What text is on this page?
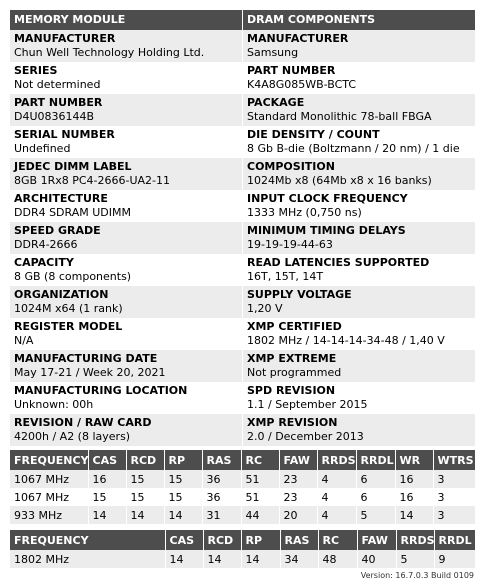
MEMORY MODULE
MANUFACTURER
Chun Well Technology Holding Ltd.
SERIES
Not determined
PART NUMBER
D4U0836144B
SERIAL NUMBER
Undefined
JEDEC DIMM LABEL
8GB 1Rx8 PC4-2666-UA2-11
ARCHITECTURE
DDR4 SDRAM UDIMM
SPEED GRADE
DDR4-2666
CAPACITY
8 GB (8 components)
ORGANIZATION
1024M x64 (1 rank)
REGISTER MODEL
N/A
MANUFACTURING DATE
May 17-21 / Week 20, 2021
MANUFACTURING LOCATION
Unknown: 00h
REVISION / RAW CARD
4200h / A2 (8 layers)
DRAM COMPONENTS
MANUFACTURER
Samsung
PART NUMBER
K4A8G085WB-BCTC
PACKAGE
Standard Monolithic 78-ball FBGA
DIE DENSITY / COUNT
8 Gb B-die (Boltzmann / 20 nm) / 1 die
COMPOSITION
1024Mb x8 (64Mb x8 x 16 banks)
INPUT CLOCK FREQUENCY
1333 MHz (0,750 ns)
MINIMUM TIMING DELAYS
19-19-19-44-63
READ LATENCIES SUPPORTED
16T, 15T, 14T
SUPPLY VOLTAGE
1,20 V
XMP CERTIFIED
1802 MHz / 14-14-14-34-48 / 1,40 V
XMP EXTREME
Not programmed
SPD REVISION
1.1 / September 2015
XMP REVISION
2.0 / December 2013
FREQUENCY	CAS	RCD	RP	RAS	RC	FAW	RRDS	RRDL	WR	WTRS
1067 MHz	16	15	15	36	51	23	4	6	16	3
1067 MHz	15	15	15	36	51	23	4	6	16	3
933 MHz	14	14	14	31	44	20	4	5	14	3
FREQUENCY	CAS	RCD	RP	RAS	RC	FAW	RRDS	RRDL
1802 MHz	14	14	14	34	48	40	5	9
Version: 16.7.0.3 Build 0109
